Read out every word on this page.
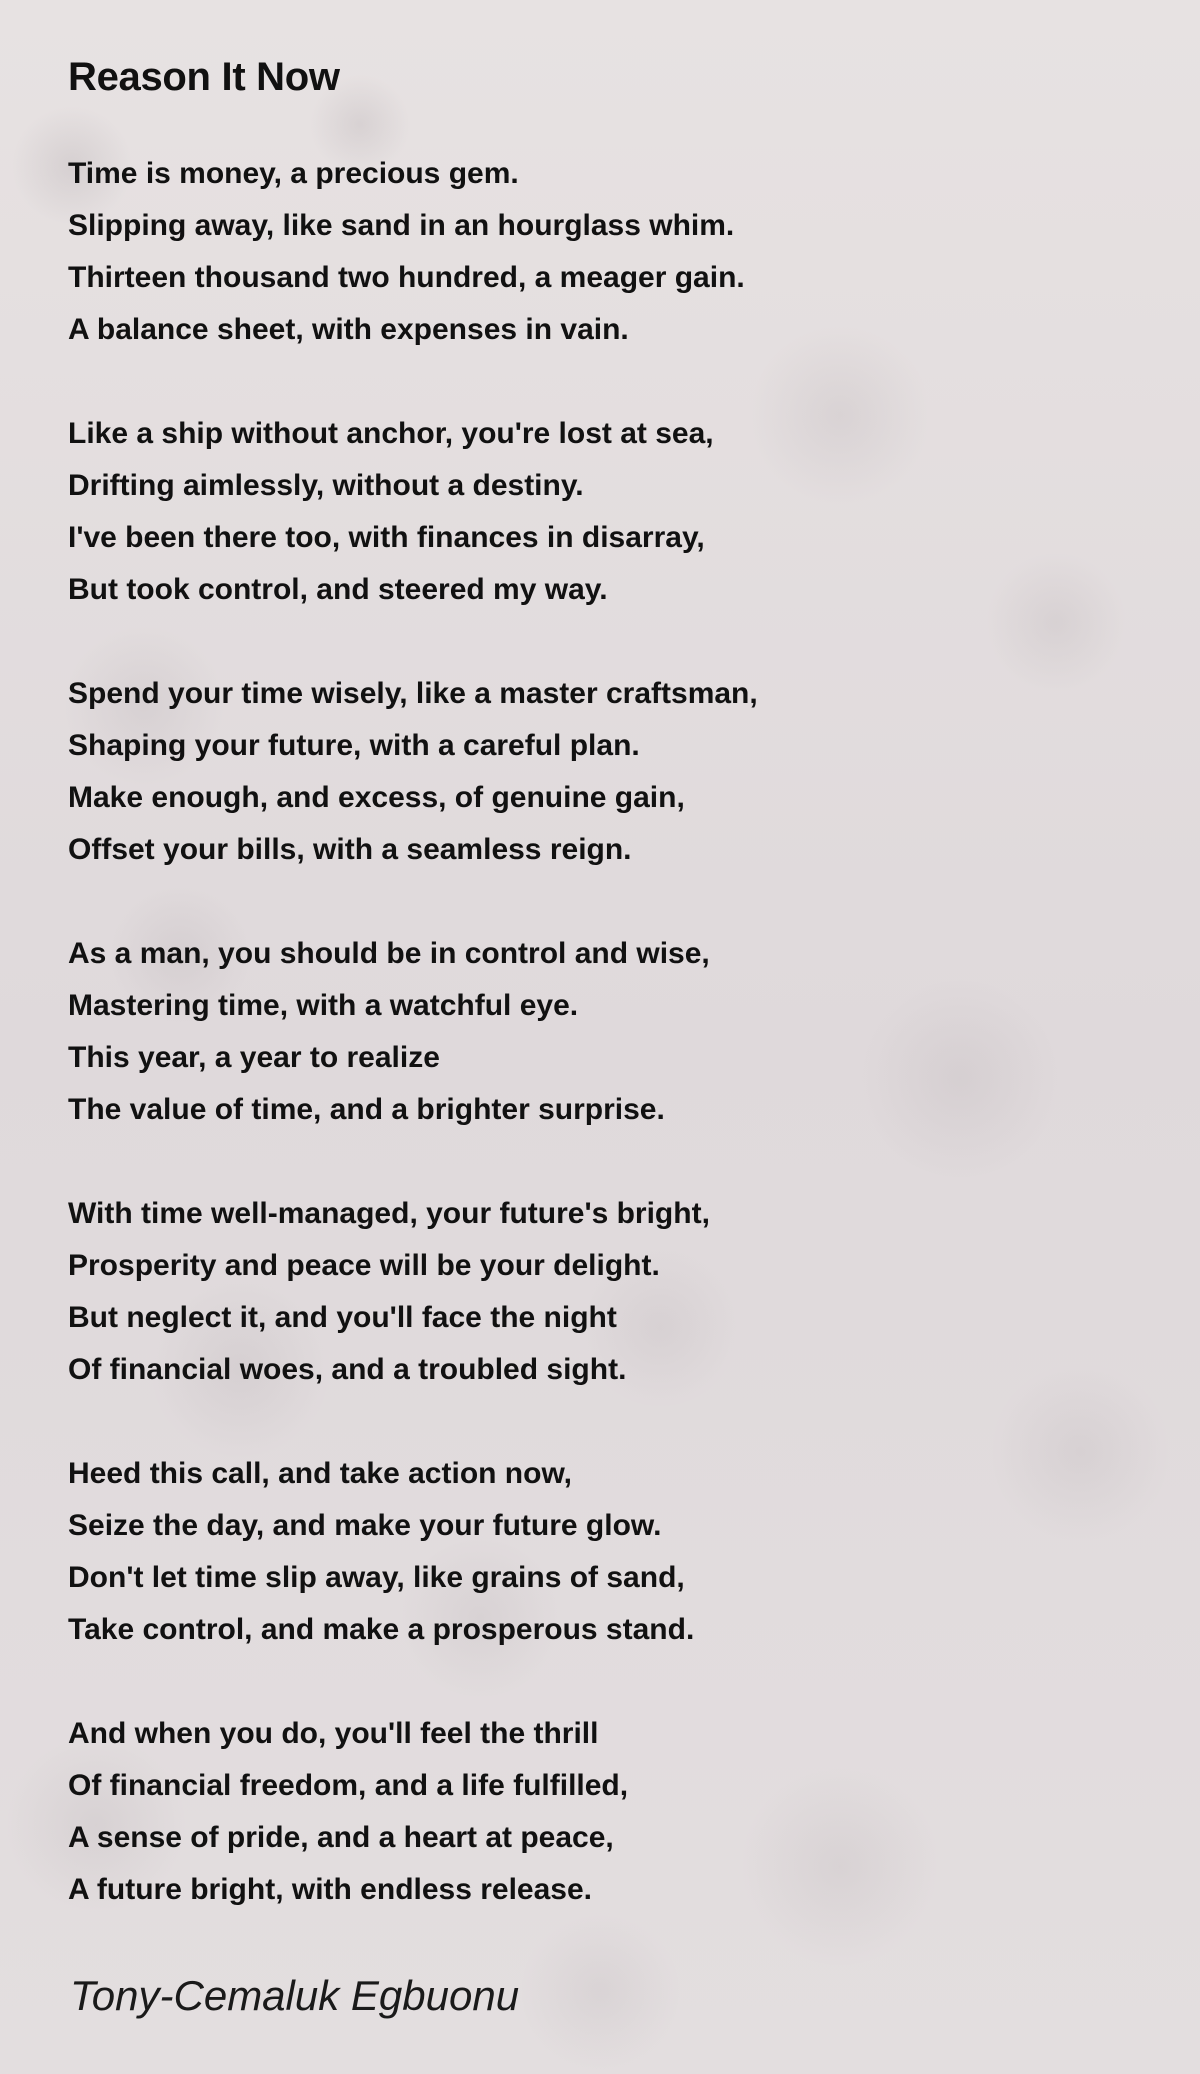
Reason It Now
Time is money, a precious gem.
Slipping away, like sand in an hourglass whim.
Thirteen thousand two hundred, a meager gain.
A balance sheet, with expenses in vain.
Like a ship without anchor, you're lost at sea,
Drifting aimlessly, without a destiny.
I've been there too, with finances in disarray,
But took control, and steered my way.
Spend your time wisely, like a master craftsman,
Shaping your future, with a careful plan.
Make enough, and excess, of genuine gain,
Offset your bills, with a seamless reign.
As a man, you should be in control and wise,
Mastering time, with a watchful eye.
This year, a year to realize
The value of time, and a brighter surprise.
With time well-managed, your future's bright,
Prosperity and peace will be your delight.
But neglect it, and you'll face the night
Of financial woes, and a troubled sight.
Heed this call, and take action now,
Seize the day, and make your future glow.
Don't let time slip away, like grains of sand,
Take control, and make a prosperous stand.
And when you do, you'll feel the thrill
Of financial freedom, and a life fulfilled,
A sense of pride, and a heart at peace,
A future bright, with endless release.
Tony-Cemaluk Egbuonu
